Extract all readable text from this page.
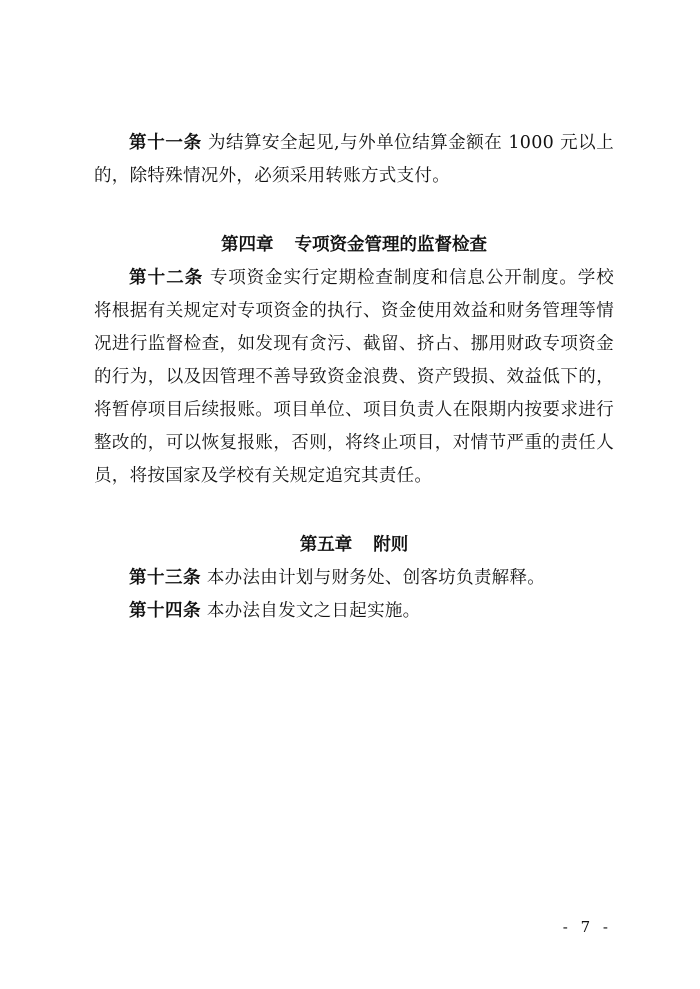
第十一条 为结算安全起见,与外单位结算金额在 1000 元以上的，除特殊情况外，必须采用转账方式支付。

第四章 专项资金管理的监督检查

第十二条 专项资金实行定期检查制度和信息公开制度。学校将根据有关规定对专项资金的执行、资金使用效益和财务管理等情况进行监督检查，如发现有贪污、截留、挤占、挪用财政专项资金的行为，以及因管理不善导致资金浪费、资产毁损、效益低下的，将暂停项目后续报账。项目单位、项目负责人在限期内按要求进行整改的，可以恢复报账，否则，将终止项目，对情节严重的责任人员，将按国家及学校有关规定追究其责任。

第五章 附则

第十三条 本办法由计划与财务处、创客坊负责解释。

第十四条 本办法自发文之日起实施。

- 7 -
